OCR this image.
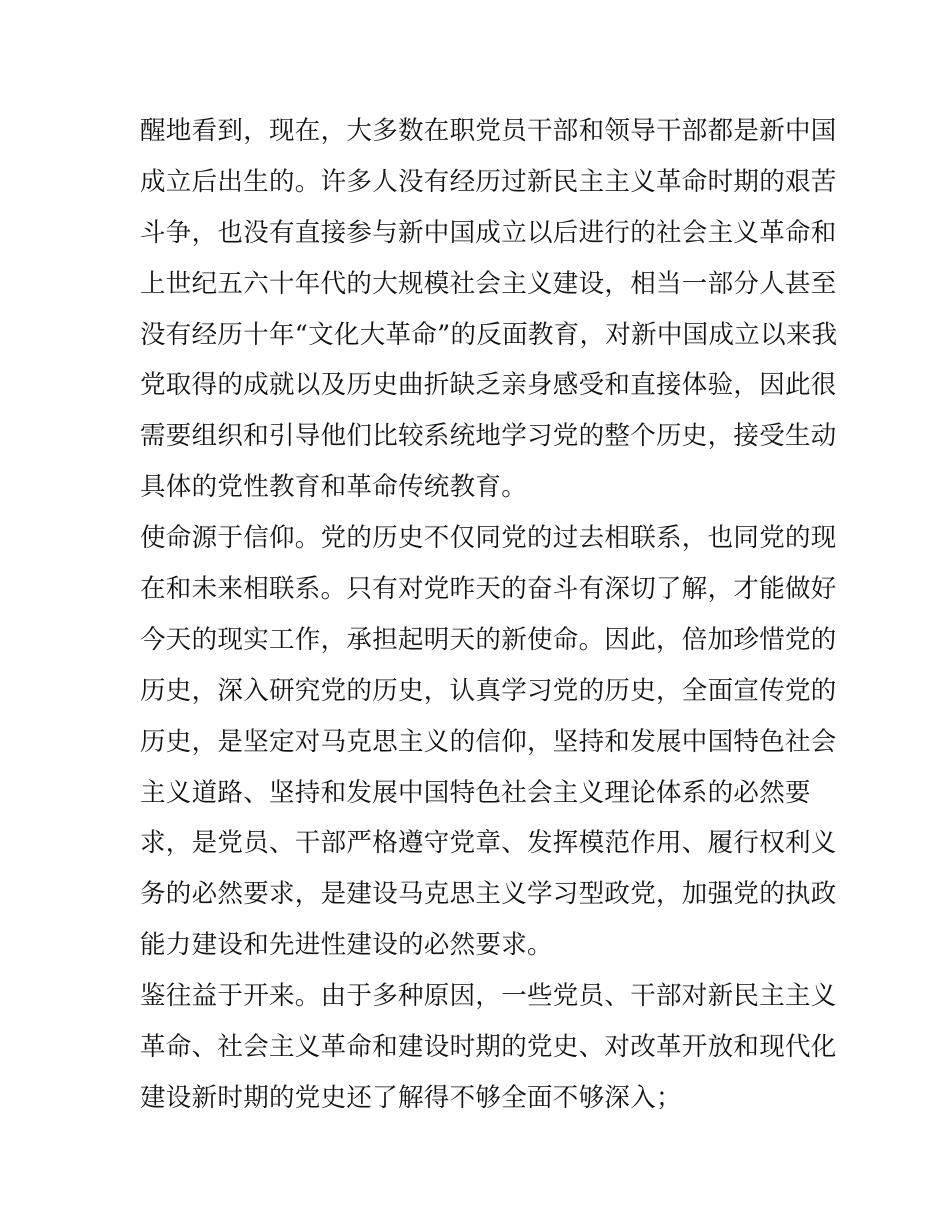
醒地看到，现在，大多数在职党员干部和领导干部都是新中国
成立后出生的。许多人没有经历过新民主主义革命时期的艰苦
斗争，也没有直接参与新中国成立以后进行的社会主义革命和
上世纪五六十年代的大规模社会主义建设，相当一部分人甚至
没有经历十年“文化大革命”的反面教育，对新中国成立以来我
党取得的成就以及历史曲折缺乏亲身感受和直接体验，因此很
需要组织和引导他们比较系统地学习党的整个历史，接受生动
具体的党性教育和革命传统教育。
使命源于信仰。党的历史不仅同党的过去相联系，也同党的现
在和未来相联系。只有对党昨天的奋斗有深切了解，才能做好
今天的现实工作，承担起明天的新使命。因此，倍加珍惜党的
历史，深入研究党的历史，认真学习党的历史，全面宣传党的
历史，是坚定对马克思主义的信仰，坚持和发展中国特色社会
主义道路、坚持和发展中国特色社会主义理论体系的必然要
求，是党员、干部严格遵守党章、发挥模范作用、履行权利义
务的必然要求，是建设马克思主义学习型政党，加强党的执政
能力建设和先进性建设的必然要求。
鉴往益于开来。由于多种原因，一些党员、干部对新民主主义
革命、社会主义革命和建设时期的党史、对改革开放和现代化
建设新时期的党史还了解得不够全面不够深入；
